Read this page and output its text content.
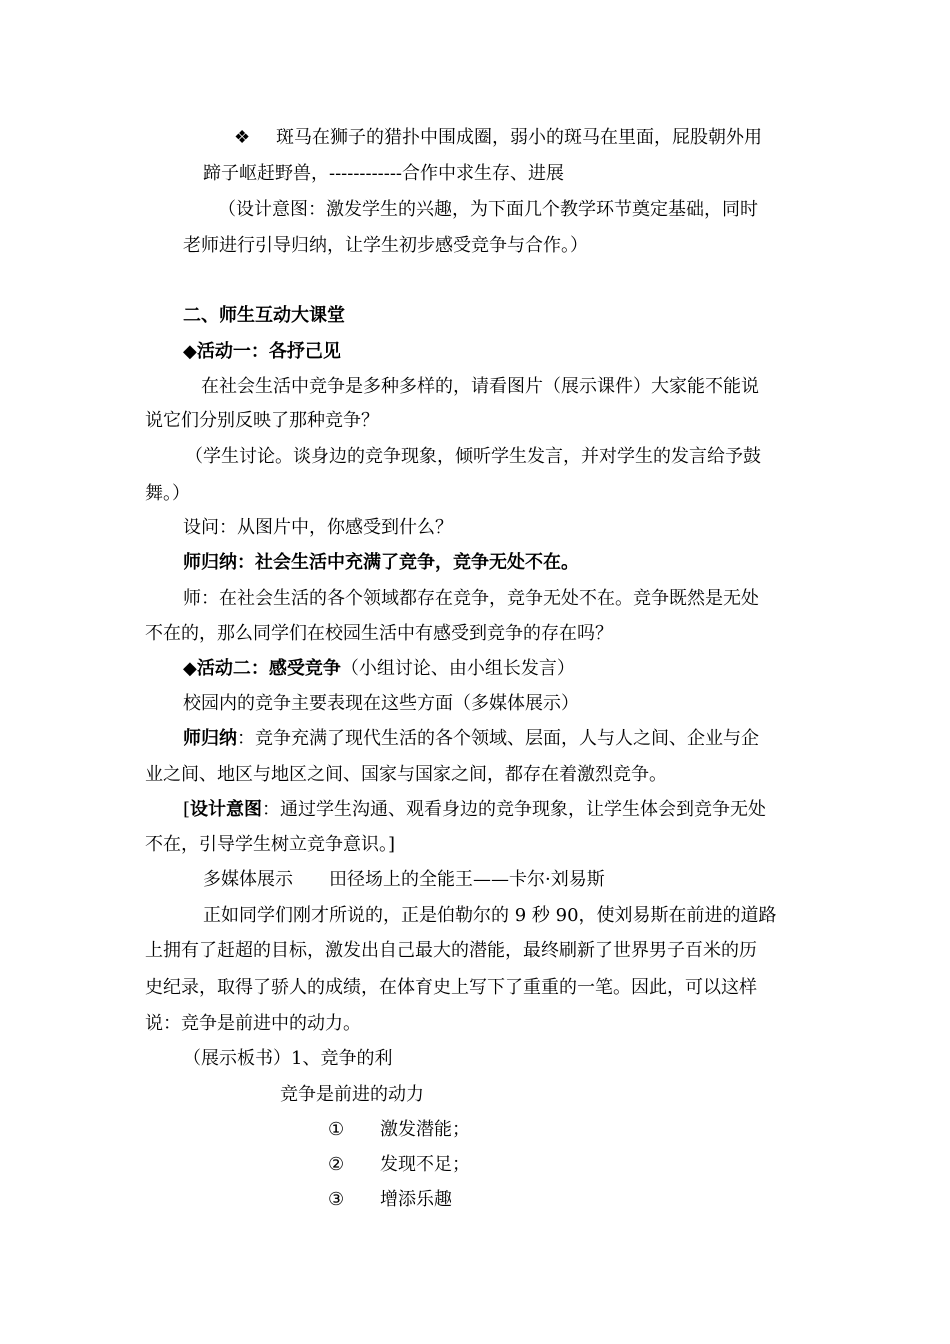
❖ 斑马在狮子的猎扑中围成圈，弱小的斑马在里面，屁股朝外用
蹄子岖赶野兽，------------合作中求生存、进展
（设计意图：激发学生的兴趣，为下面几个教学环节奠定基础，同时
老师进行引导归纳，让学生初步感受竞争与合作。）
二、师生互动大课堂
◆活动一：各抒己见
在社会生活中竞争是多种多样的，请看图片（展示课件）大家能不能说
说它们分别反映了那种竞争？
（学生讨论。谈身边的竞争现象，倾听学生发言，并对学生的发言给予鼓
舞。）
设问：从图片中，你感受到什么？
师归纳：社会生活中充满了竞争，竞争无处不在。
师：在社会生活的各个领域都存在竞争，竞争无处不在。竞争既然是无处
不在的，那么同学们在校园生活中有感受到竞争的存在吗？
◆活动二：感受竞争（小组讨论、由小组长发言）
校园内的竞争主要表现在这些方面（多媒体展示）
师归纳：竞争充满了现代生活的各个领域、层面，人与人之间、企业与企
业之间、地区与地区之间、国家与国家之间，都存在着激烈竞争。
[设计意图：通过学生沟通、观看身边的竞争现象，让学生体会到竞争无处
不在，引导学生树立竞争意识。]
多媒体展示 田径场上的全能王——卡尔·刘易斯
正如同学们刚才所说的，正是伯勒尔的 9 秒 90，使刘易斯在前进的道路
上拥有了赶超的目标，激发出自己最大的潜能，最终刷新了世界男子百米的历
史纪录，取得了骄人的成绩，在体育史上写下了重重的一笔。因此，可以这样
说：竞争是前进中的动力。
（展示板书）1、竞争的利
竞争是前进的动力
① 激发潜能；
② 发现不足；
③ 增添乐趣
